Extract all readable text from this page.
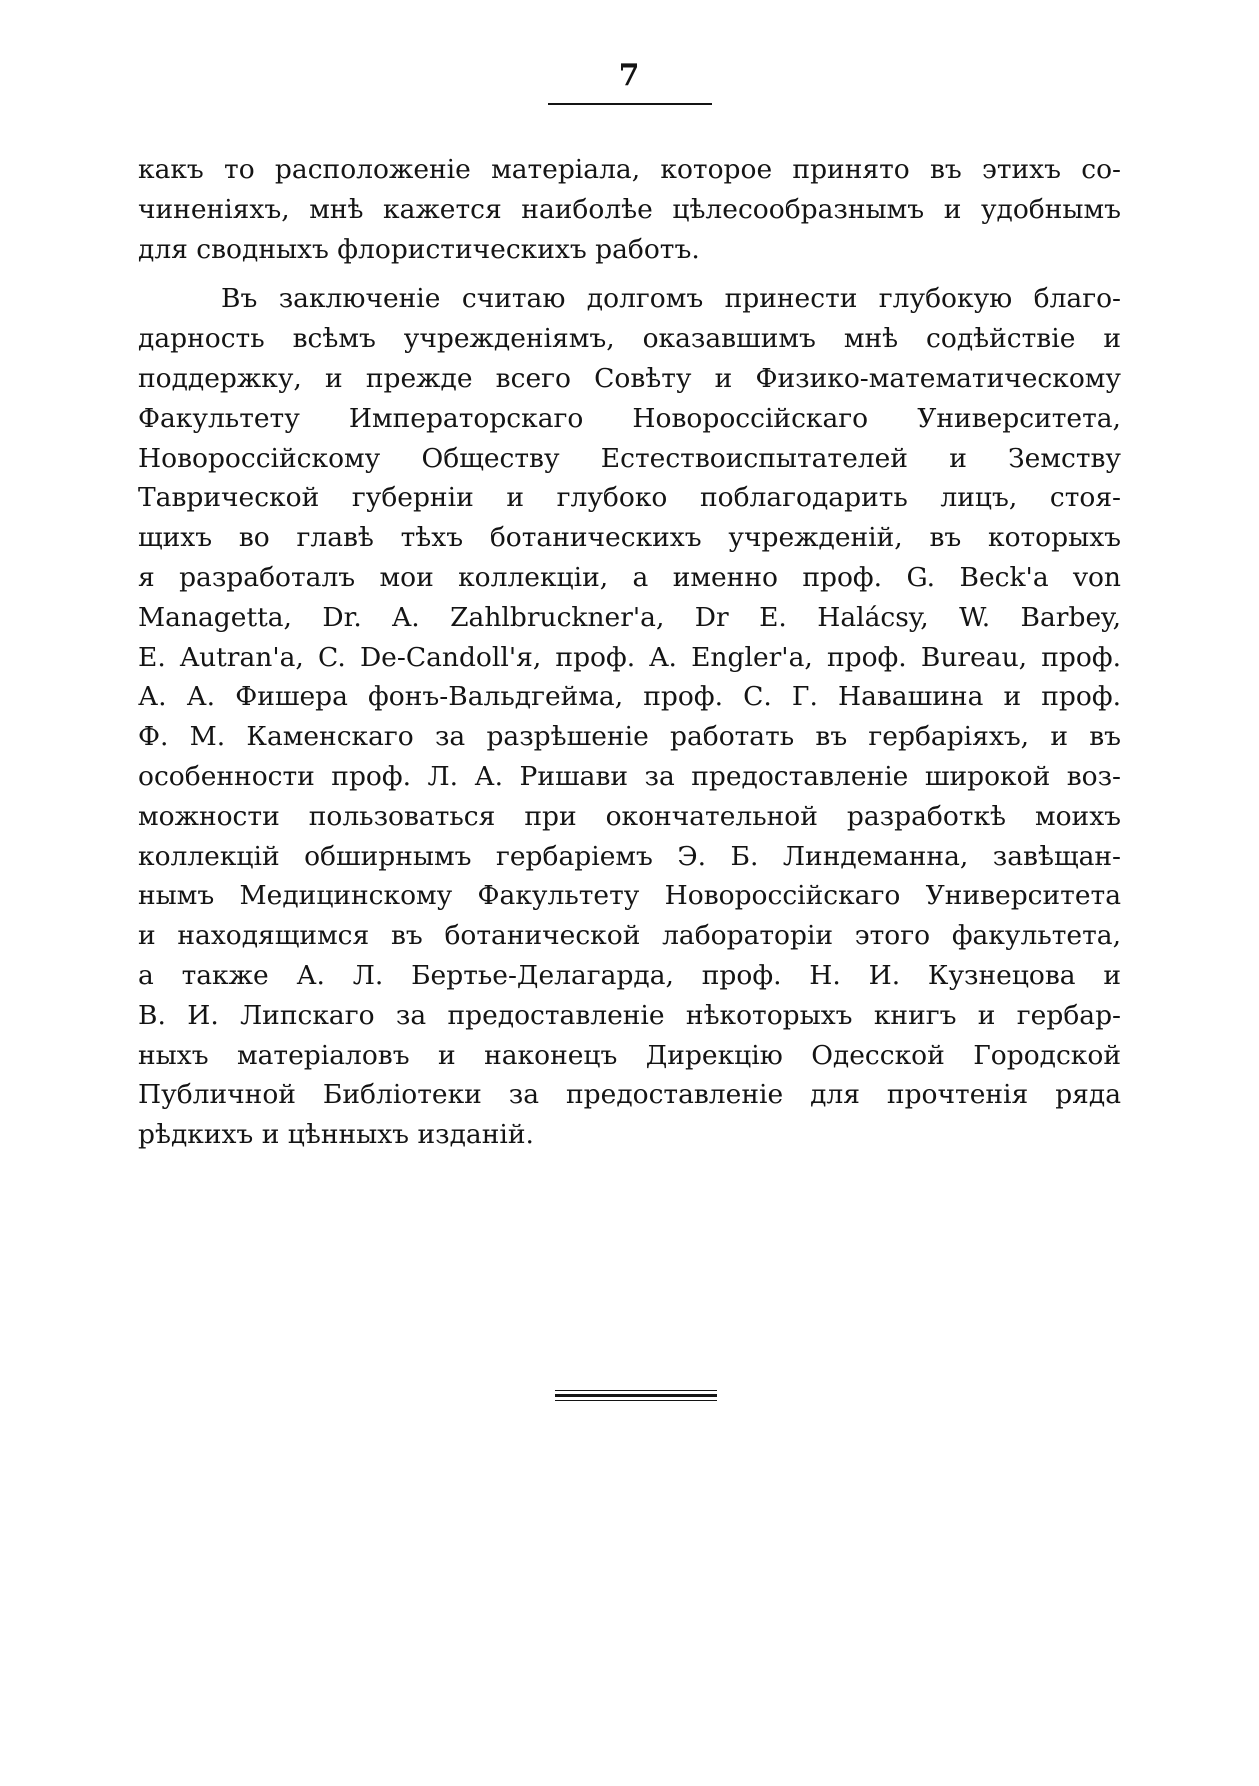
7

какъ то расположеніе матеріала, которое принято въ этихъ со-
чиненіяхъ, мнѣ кажется наиболѣе цѣлесообразнымъ и удобнымъ
для сводныхъ флористическихъ работъ.

Въ заключеніе считаю долгомъ принести глубокую благо-
дарность всѣмъ учрежденіямъ, оказавшимъ мнѣ содѣйствіе и
поддержку, и прежде всего Совѣту и Физико-математическому
Факультету Императорскаго Новороссійскаго Университета,
Новороссійскому Обществу Естествоиспытателей и Земству
Таврической губерніи и глубоко поблагодарить лицъ, стоя-
щихъ во главѣ тѣхъ ботаническихъ учрежденій, въ которыхъ
я разработалъ мои коллекціи, а именно проф. G. Beck'a von
Managetta, Dr. A. Zahlbruckner'a, Dr E. Halácsy, W. Barbey,
E. Autran'a, C. De-Candoll'я, проф. A. Engler'a, проф. Bureau, проф.
А. А. Фишера фонъ-Вальдгейма, проф. С. Г. Навашина и проф.
Ф. М. Каменскаго за разрѣшеніе работать въ гербаріяхъ, и въ
особенности проф. Л. А. Ришави за предоставленіе широкой воз-
можности пользоваться при окончательной разработкѣ моихъ
коллекцій обширнымъ гербаріемъ Э. Б. Линдеманна, завѣщан-
нымъ Медицинскому Факультету Новороссійскаго Университета
и находящимся въ ботанической лабораторіи этого факультета,
а также А. Л. Бертье-Делагарда, проф. Н. И. Кузнецова и
В. И. Липскаго за предоставленіе нѣкоторыхъ книгъ и гербар-
ныхъ матеріаловъ и наконецъ Дирекцію Одесской Городской
Публичной Библіотеки за предоставленіе для прочтенія ряда
рѣдкихъ и цѣнныхъ изданій.
